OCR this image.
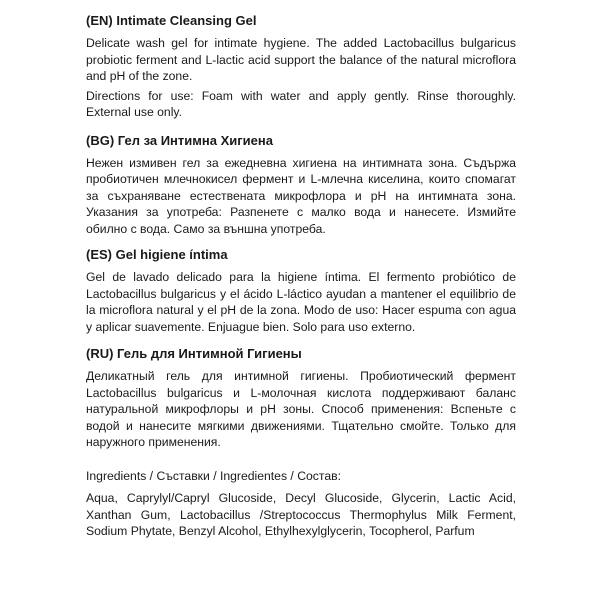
(EN) Intimate Cleansing Gel

Delicate wash gel for intimate hygiene. The added Lactobacillus bulgaricus probiotic ferment and L-lactic acid support the balance of the natural microflora and pH of the zone.

Directions for use: Foam with water and apply gently. Rinse thoroughly. External use only.

(BG) Гел за Интимна Хигиена

Нежен измивен гел за ежедневна хигиена на интимната зона. Съдържа пробиотичен млечнокисел фермент и L-млечна киселина, които спомагат за съхраняване естествената микрофлора и pH на интимната зона. Указания за употреба: Разпенете с малко вода и нанесете. Измийте обилно с вода. Само за външна употреба.

(ES) Gel higiene íntima

Gel de lavado delicado para la higiene íntima. El fermento probiótico de Lactobacillus bulgaricus y el ácido L-láctico ayudan a mantener el equilibrio de la microflora natural y el pH de la zona. Modo de uso: Hacer espuma con agua y aplicar suavemente. Enjuague bien. Solo para uso externo.

(RU) Гель для Интимной Гигиены

Деликатный гель для интимной гигиены. Пробиотический фермент Lactobacillus bulgaricus и L-молочная кислота поддерживают баланс натуральной микрофлоры и pH зоны. Способ применения: Вспеньте с водой и нанесите мягкими движениями. Тщательно смойте. Только для наружного применения.

Ingredients / Съставки / Ingredientes / Состав:

Aqua, Caprylyl/Capryl Glucoside, Decyl Glucoside, Glycerin, Lactic Acid, Xanthan Gum, Lactobacillus /Streptococcus Thermophylus Milk Ferment, Sodium Phytate, Benzyl Alcohol, Ethylhexylglycerin, Tocopherol, Parfum
